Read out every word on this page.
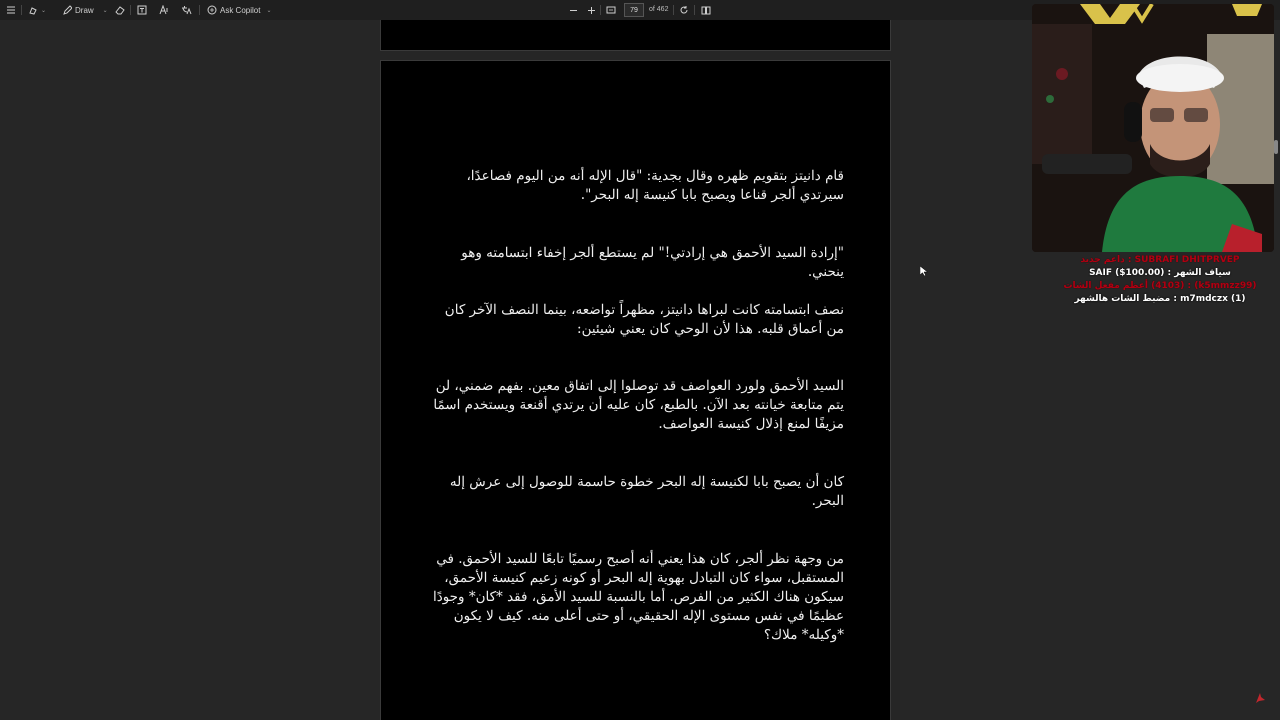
⌄	Draw ⌄	Ask Copilot ⌄	79	of 462

قام دانيتز بتقويم ظهره وقال بجدية: "قال الإله أنه من اليوم فصاعدًا، سيرتدي ألجر قناعا ويصبح بابا كنيسة إله البحر".

"إرادة السيد الأحمق هي إرادتي!" لم يستطع ألجر إخفاء ابتسامته وهو ينحني.

نصف ابتسامته كانت لبراها دانيتز، مظهراً تواضعه، بينما النصف الآخر كان من أعماق قلبه. هذا لأن الوحي كان يعني شيئين:

السيد الأحمق ولورد العواصف قد توصلوا إلى اتفاق معين. بفهم ضمني، لن يتم متابعة خيانته بعد الآن. بالطبع، كان عليه أن يرتدي أقنعة ويستخدم اسمًا مزيفًا لمنع إذلال كنيسة العواصف.

كان أن يصبح بابا لكنيسة إله البحر خطوة حاسمة للوصول إلى عرش إله البحر.

من وجهة نظر ألجر، كان هذا يعني أنه أصبح رسميًا تابعًا للسيد الأحمق. في المستقبل، سواء كان التبادل بهوية إله البحر أو كونه زعيم كنيسة الأحمق، سيكون هناك الكثير من الفرص. أما بالنسبة للسيد الأمق، فقد *كان* وجودًا عظيمًا في نفس مستوى الإله الحقيقي، أو حتى أعلى منه. كيف لا يكون *وكيله* ملاك؟

SUBRAFI DHITPRVEP : داعم جديد
سياف الشهر : SAIF ($100.00)
(k5mmzz99) : (4103) أعظم مفعل الشات
m7mdczx (1) : مضبط الشات هالشهر
